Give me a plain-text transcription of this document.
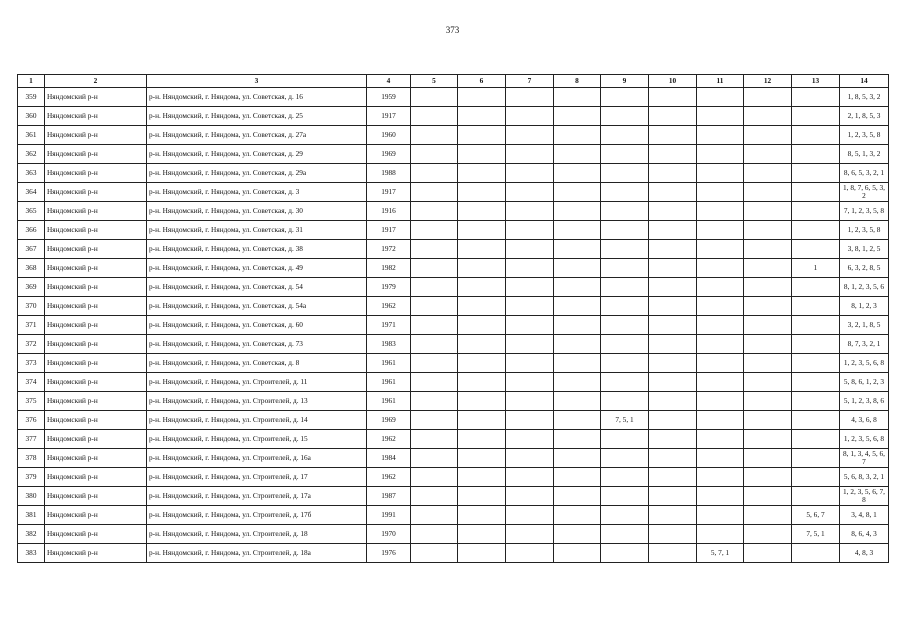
373
1	2	3	4	5	6	7	8	9	10	11	12	13	14
359	Няндомский р-н	р-н. Няндомский, г. Няндома, ул. Советская, д. 16	1959										1, 8, 5, 3, 2
360	Няндомский р-н	р-н. Няндомский, г. Няндома, ул. Советская, д. 25	1917										2, 1, 8, 5, 3
361	Няндомский р-н	р-н. Няндомский, г. Няндома, ул. Советская, д. 27а	1960										1, 2, 3, 5, 8
362	Няндомский р-н	р-н. Няндомский, г. Няндома, ул. Советская, д. 29	1969										8, 5, 1, 3, 2
363	Няндомский р-н	р-н. Няндомский, г. Няндома, ул. Советская, д. 29а	1988										8, 6, 5, 3, 2, 1
364	Няндомский р-н	р-н. Няндомский, г. Няндома, ул. Советская, д. 3	1917										1, 8, 7, 6, 5, 3, 2
365	Няндомский р-н	р-н. Няндомский, г. Няндома, ул. Советская, д. 30	1916										7, 1, 2, 3, 5, 8
366	Няндомский р-н	р-н. Няндомский, г. Няндома, ул. Советская, д. 31	1917										1, 2, 3, 5, 8
367	Няндомский р-н	р-н. Няндомский, г. Няндома, ул. Советская, д. 38	1972										3, 8, 1, 2, 5
368	Няндомский р-н	р-н. Няндомский, г. Няндома, ул. Советская, д. 49	1982									1	6, 3, 2, 8, 5
369	Няндомский р-н	р-н. Няндомский, г. Няндома, ул. Советская, д. 54	1979										8, 1, 2, 3, 5, 6
370	Няндомский р-н	р-н. Няндомский, г. Няндома, ул. Советская, д. 54а	1962										8, 1, 2, 3
371	Няндомский р-н	р-н. Няндомский, г. Няндома, ул. Советская, д. 60	1971										3, 2, 1, 8, 5
372	Няндомский р-н	р-н. Няндомский, г. Няндома, ул. Советская, д. 73	1983										8, 7, 3, 2, 1
373	Няндомский р-н	р-н. Няндомский, г. Няндома, ул. Советская, д. 8	1961										1, 2, 3, 5, 6, 8
374	Няндомский р-н	р-н. Няндомский, г. Няндома, ул. Строителей, д. 11	1961										5, 8, 6, 1, 2, 3
375	Няндомский р-н	р-н. Няндомский, г. Няндома, ул. Строителей, д. 13	1961										5, 1, 2, 3, 8, 6
376	Няндомский р-н	р-н. Няндомский, г. Няндома, ул. Строителей, д. 14	1969					7, 5, 1					4, 3, 6, 8
377	Няндомский р-н	р-н. Няндомский, г. Няндома, ул. Строителей, д. 15	1962										1, 2, 3, 5, 6, 8
378	Няндомский р-н	р-н. Няндомский, г. Няндома, ул. Строителей, д. 16а	1984										8, 1, 3, 4, 5, 6, 7
379	Няндомский р-н	р-н. Няндомский, г. Няндома, ул. Строителей, д. 17	1962										5, 6, 8, 3, 2, 1
380	Няндомский р-н	р-н. Няндомский, г. Няндома, ул. Строителей, д. 17а	1987										1, 2, 3, 5, 6, 7, 8
381	Няндомский р-н	р-н. Няндомский, г. Няндома, ул. Строителей, д. 17б	1991									5, 6, 7	3, 4, 8, 1
382	Няндомский р-н	р-н. Няндомский, г. Няндома, ул. Строителей, д. 18	1970									7, 5, 1	8, 6, 4, 3
383	Няндомский р-н	р-н. Няндомский, г. Няндома, ул. Строителей, д. 18а	1976							5, 7, 1			4, 8, 3
